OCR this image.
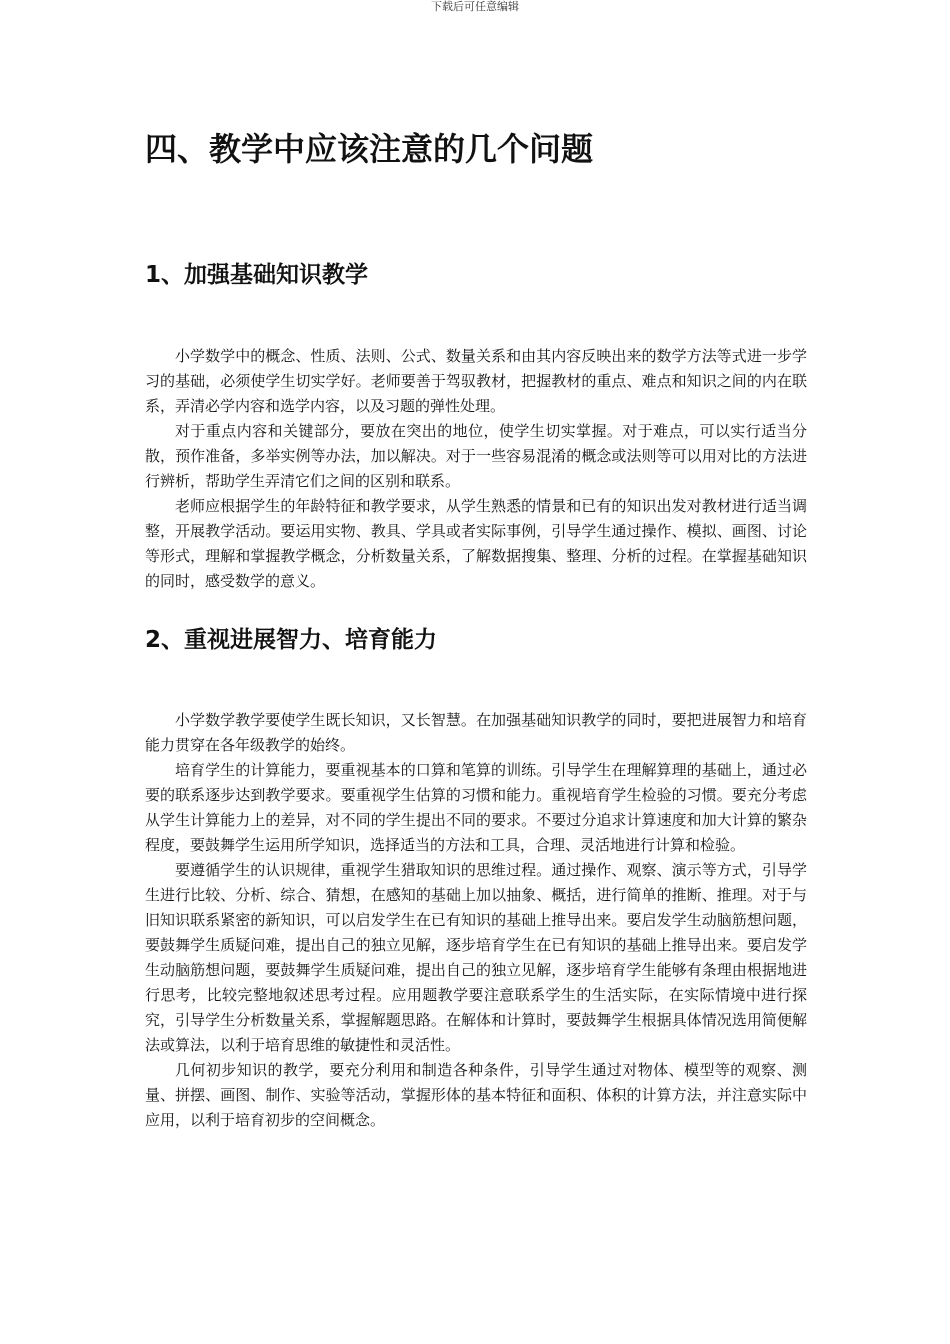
下载后可任意编辑
四、教学中应该注意的几个问题
1、加强基础知识教学

小学数学中的概念、性质、法则、公式、数量关系和由其内容反映出来的数学方法等式进一步学习的基础，必须使学生切实学好。老师要善于驾驭教材，把握教材的重点、难点和知识之间的内在联系，弄清必学内容和选学内容，以及习题的弹性处理。

对于重点内容和关键部分，要放在突出的地位，使学生切实掌握。对于难点，可以实行适当分散，预作准备，多举实例等办法，加以解决。对于一些容易混淆的概念或法则等可以用对比的方法进行辨析，帮助学生弄清它们之间的区别和联系。

老师应根据学生的年龄特征和教学要求，从学生熟悉的情景和已有的知识出发对教材进行适当调整，开展教学活动。要运用实物、教具、学具或者实际事例，引导学生通过操作、模拟、画图、讨论等形式，理解和掌握教学概念，分析数量关系，了解数据搜集、整理、分析的过程。在掌握基础知识的同时，感受数学的意义。

2、重视进展智力、培育能力

小学数学教学要使学生既长知识，又长智慧。在加强基础知识教学的同时，要把进展智力和培育能力贯穿在各年级教学的始终。

培育学生的计算能力，要重视基本的口算和笔算的训练。引导学生在理解算理的基础上，通过必要的联系逐步达到教学要求。要重视学生估算的习惯和能力。重视培育学生检验的习惯。要充分考虑从学生计算能力上的差异，对不同的学生提出不同的要求。不要过分追求计算速度和加大计算的繁杂程度，要鼓舞学生运用所学知识，选择适当的方法和工具，合理、灵活地进行计算和检验。

要遵循学生的认识规律，重视学生猎取知识的思维过程。通过操作、观察、演示等方式，引导学生进行比较、分析、综合、猜想，在感知的基础上加以抽象、概括，进行简单的推断、推理。对于与旧知识联系紧密的新知识，可以启发学生在已有知识的基础上推导出来。要启发学生动脑筋想问题，要鼓舞学生质疑问难，提出自己的独立见解，逐步培育学生在已有知识的基础上推导出来。要启发学生动脑筋想问题，要鼓舞学生质疑问难，提出自己的独立见解，逐步培育学生能够有条理由根据地进行思考，比较完整地叙述思考过程。应用题教学要注意联系学生的生活实际，在实际情境中进行探究，引导学生分析数量关系，掌握解题思路。在解体和计算时，要鼓舞学生根据具体情况选用简便解法或算法，以利于培育思维的敏捷性和灵活性。

几何初步知识的教学，要充分利用和制造各种条件，引导学生通过对物体、模型等的观察、测量、拼摆、画图、制作、实验等活动，掌握形体的基本特征和面积、体积的计算方法，并注意实际中应用，以利于培育初步的空间概念。
